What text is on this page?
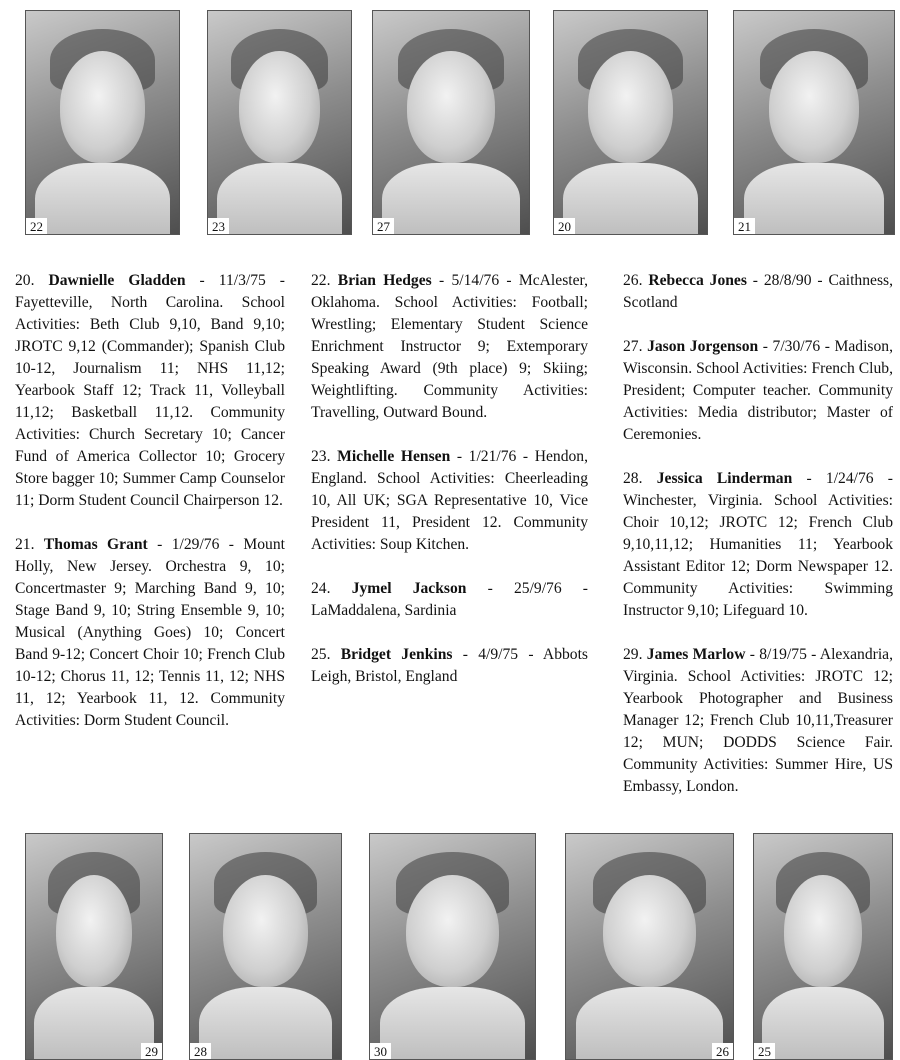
22	23	27	20	21

20. Dawnielle Gladden - 11/3/75 - Fayetteville, North Carolina. School Activities: Beth Club 9,10, Band 9,10; JROTC 9,12 (Commander); Spanish Club 10-12, Journalism 11; NHS 11,12; Yearbook Staff 12; Track 11, Volleyball 11,12; Basketball 11,12. Community Activities: Church Secretary 10; Cancer Fund of America Collector 10; Grocery Store bagger 10; Summer Camp Counselor 11; Dorm Student Council Chairperson 12.

21. Thomas Grant - 1/29/76 - Mount Holly, New Jersey. Orchestra 9, 10; Concertmaster 9; Marching Band 9, 10; Stage Band 9, 10; String Ensemble 9, 10; Musical (Anything Goes) 10; Concert Band 9-12; Concert Choir 10; French Club 10-12; Chorus 11, 12; Tennis 11, 12; NHS 11, 12; Yearbook 11, 12. Community Activities: Dorm Student Council.

22. Brian Hedges - 5/14/76 - McAlester, Oklahoma. School Activities: Football; Wrestling; Elementary Student Science Enrichment Instructor 9; Extemporary Speaking Award (9th place) 9; Skiing; Weightlifting. Community Activities: Travelling, Outward Bound.

23. Michelle Hensen - 1/21/76 - Hendon, England. School Activities: Cheerleading 10, All UK; SGA Representative 10, Vice President 11, President 12. Community Activities: Soup Kitchen.

24. Jymel Jackson - 25/9/76 - LaMaddalena, Sardinia

25. Bridget Jenkins - 4/9/75 - Abbots Leigh, Bristol, England

26. Rebecca Jones - 28/8/90 - Caithness, Scotland

27. Jason Jorgenson - 7/30/76 - Madison, Wisconsin. School Activities: French Club, President; Computer teacher. Community Activities: Media distributor; Master of Ceremonies.

28. Jessica Linderman - 1/24/76 - Winchester, Virginia. School Activities: Choir 10,12; JROTC 12; French Club 9,10,11,12; Humanities 11; Yearbook Assistant Editor 12; Dorm Newspaper 12. Community Activities: Swimming Instructor 9,10; Lifeguard 10.

29. James Marlow - 8/19/75 - Alexandria, Virginia. School Activities: JROTC 12; Yearbook Photographer and Business Manager 12; French Club 10,11,Treasurer 12; MUN; DODDS Science Fair. Community Activities: Summer Hire, US Embassy, London.

29	28	30	26	25
